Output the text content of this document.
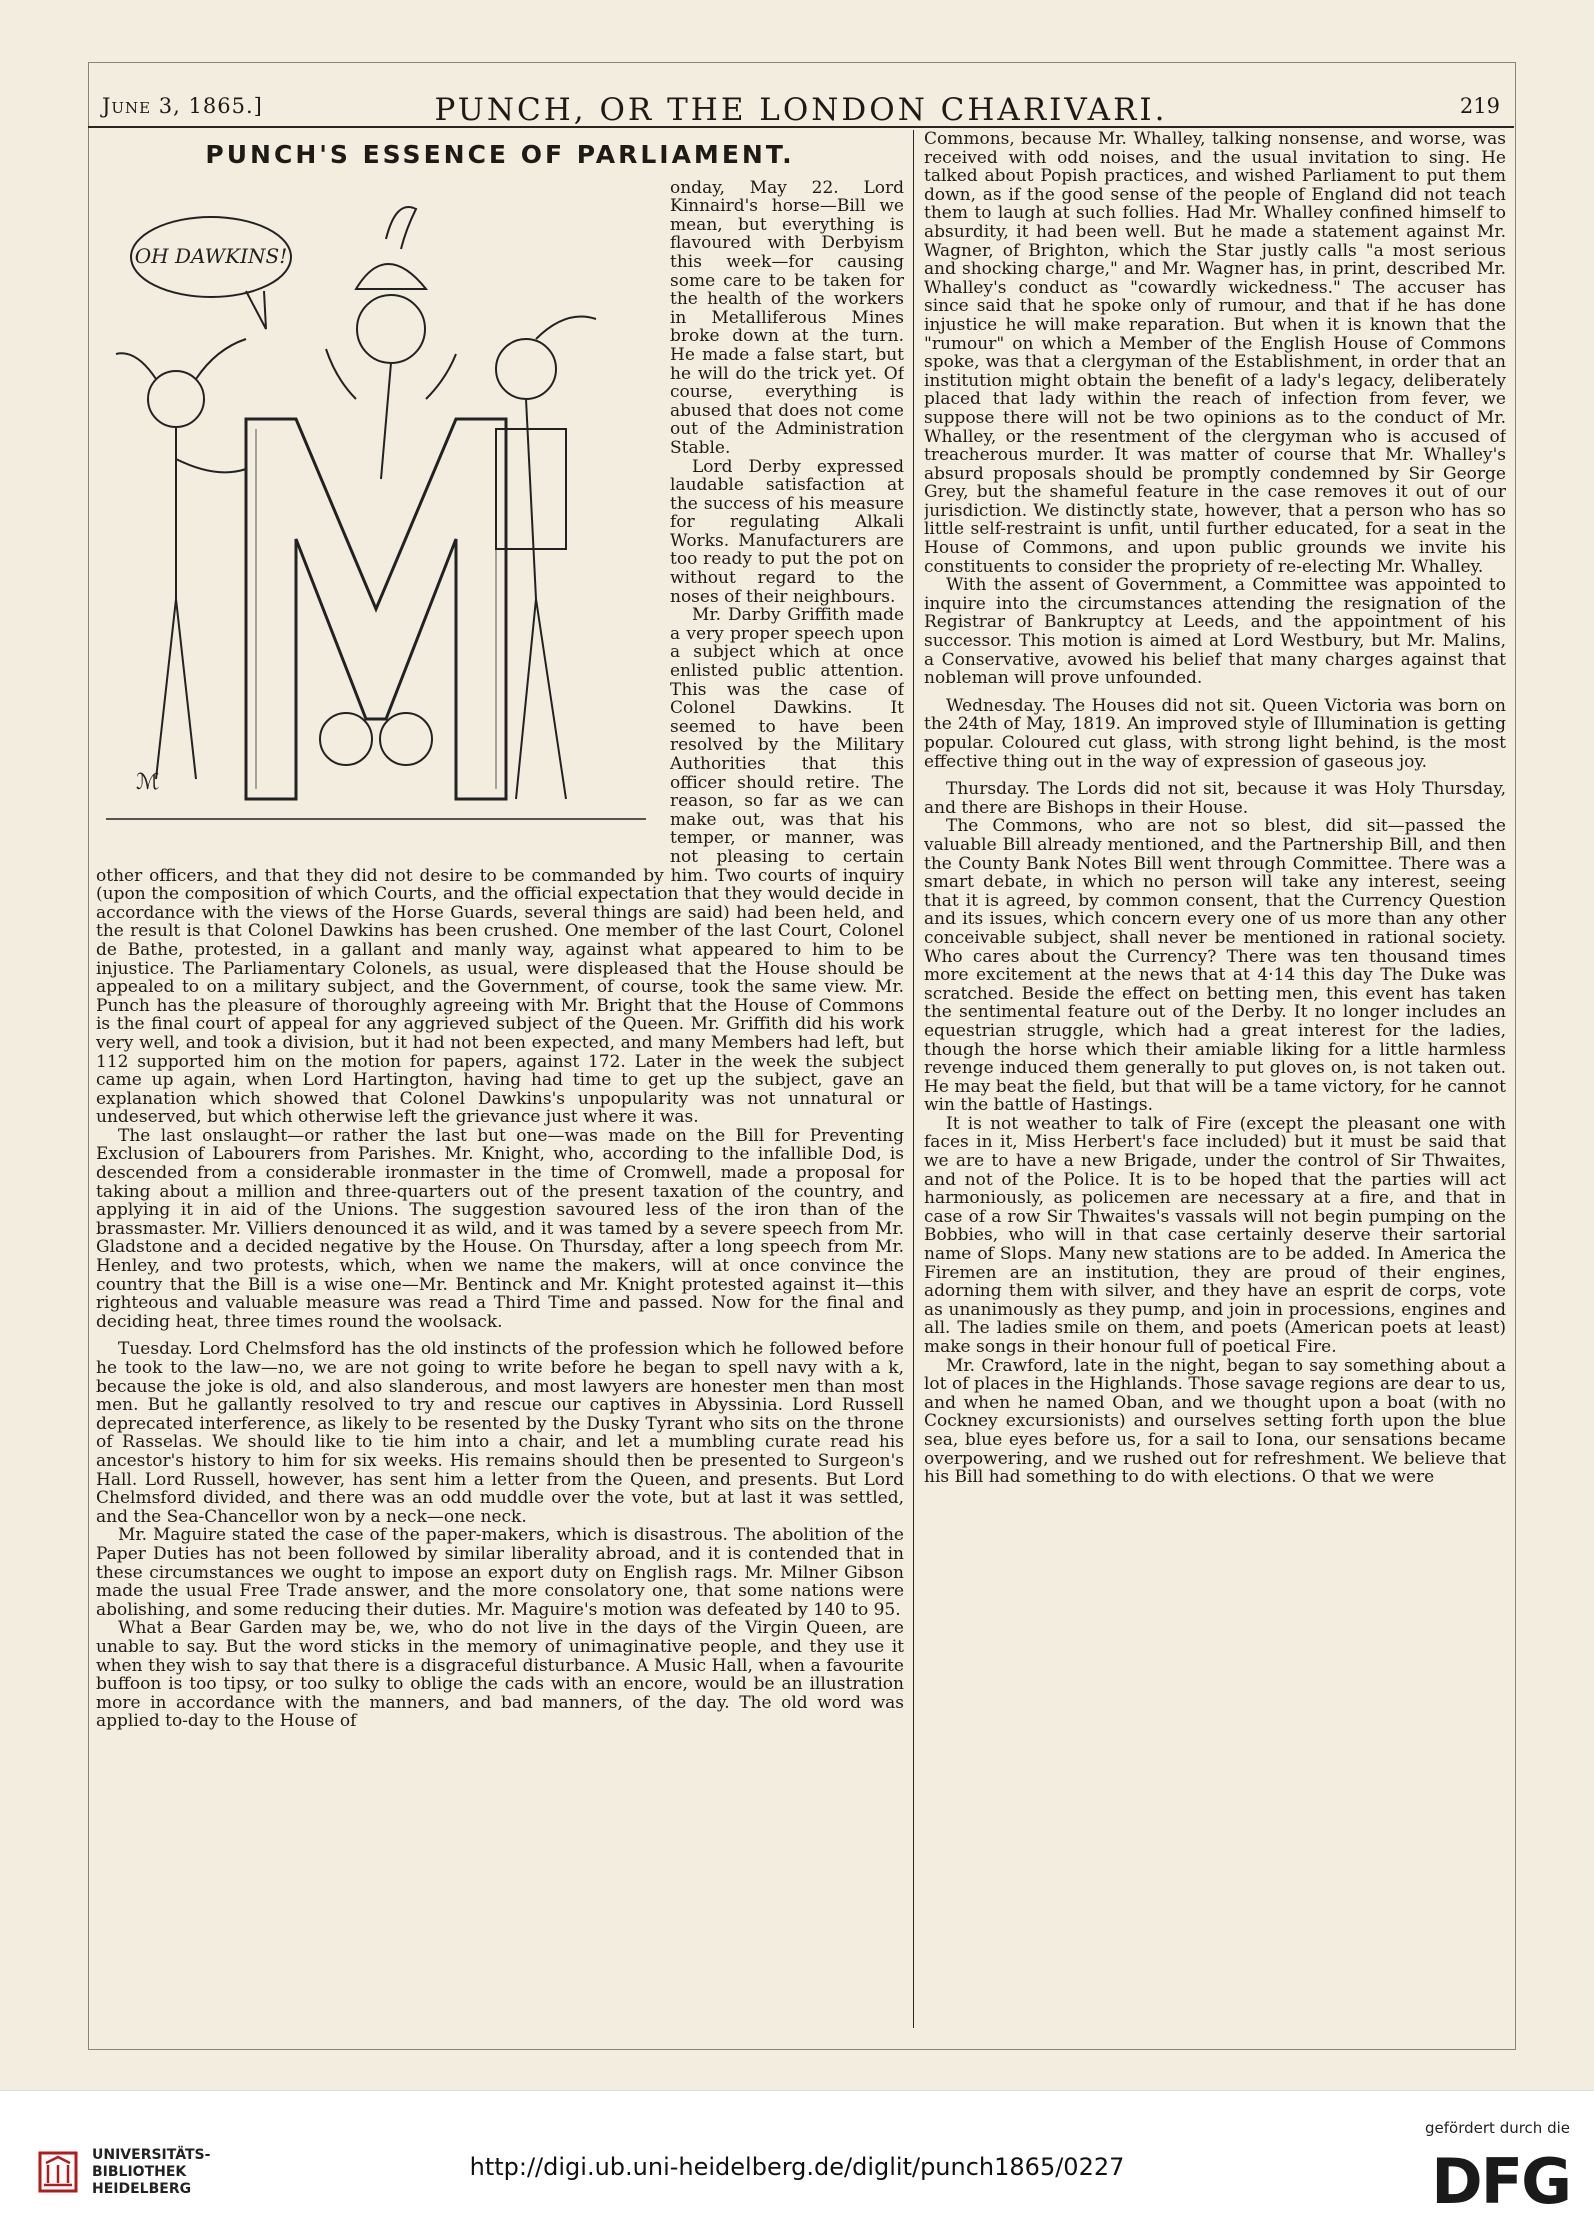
June 3, 1865.]	PUNCH, OR THE LONDON CHARIVARI.	219
PUNCH'S ESSENCE OF PARLIAMENT.
OH DAWKINS!
ℳ

onday, May 22. Lord Kinnaird's horse—Bill we mean, but everything is flavoured with Derbyism this week—for causing some care to be taken for the health of the workers in Metalliferous Mines broke down at the turn. He made a false start, but he will do the trick yet. Of course, everything is abused that does not come out of the Administration Stable.

Lord Derby expressed laudable satisfaction at the success of his measure for regulating Alkali Works. Manufacturers are too ready to put the pot on without regard to the noses of their neighbours.

Mr. Darby Griffith made a very proper speech upon a subject which at once enlisted public attention. This was the case of Colonel Dawkins. It seemed to have been resolved by the Military Authorities that this officer should retire. The reason, so far as we can make out, was that his temper, or manner, was not pleasing to certain other officers, and that they did not desire to be commanded by him. Two courts of inquiry (upon the composition of which Courts, and the official expectation that they would decide in accordance with the views of the Horse Guards, several things are said) had been held, and the result is that Colonel Dawkins has been crushed. One member of the last Court, Colonel de Bathe, protested, in a gallant and manly way, against what appeared to him to be injustice. The Parliamentary Colonels, as usual, were displeased that the House should be appealed to on a military subject, and the Government, of course, took the same view. Mr. Punch has the pleasure of thoroughly agreeing with Mr. Bright that the House of Commons is the final court of appeal for any aggrieved subject of the Queen. Mr. Griffith did his work very well, and took a division, but it had not been expected, and many Members had left, but 112 supported him on the motion for papers, against 172. Later in the week the subject came up again, when Lord Hartington, having had time to get up the subject, gave an explanation which showed that Colonel Dawkins's unpopularity was not unnatural or undeserved, but which otherwise left the grievance just where it was.

The last onslaught—or rather the last but one—was made on the Bill for Preventing Exclusion of Labourers from Parishes. Mr. Knight, who, according to the infallible Dod, is descended from a considerable ironmaster in the time of Cromwell, made a proposal for taking about a million and three-quarters out of the present taxation of the country, and applying it in aid of the Unions. The suggestion savoured less of the iron than of the brassmaster. Mr. Villiers denounced it as wild, and it was tamed by a severe speech from Mr. Gladstone and a decided negative by the House. On Thursday, after a long speech from Mr. Henley, and two protests, which, when we name the makers, will at once convince the country that the Bill is a wise one—Mr. Bentinck and Mr. Knight protested against it—this righteous and valuable measure was read a Third Time and passed. Now for the final and deciding heat, three times round the woolsack.

Tuesday. Lord Chelmsford has the old instincts of the profession which he followed before he took to the law—no, we are not going to write before he began to spell navy with a k, because the joke is old, and also slanderous, and most lawyers are honester men than most men. But he gallantly resolved to try and rescue our captives in Abyssinia. Lord Russell deprecated interference, as likely to be resented by the Dusky Tyrant who sits on the throne of Rasselas. We should like to tie him into a chair, and let a mumbling curate read his ancestor's history to him for six weeks. His remains should then be presented to Surgeon's Hall. Lord Russell, however, has sent him a letter from the Queen, and presents. But Lord Chelmsford divided, and there was an odd muddle over the vote, but at last it was settled, and the Sea-Chancellor won by a neck—one neck.

Mr. Maguire stated the case of the paper-makers, which is disastrous. The abolition of the Paper Duties has not been followed by similar liberality abroad, and it is contended that in these circumstances we ought to impose an export duty on English rags. Mr. Milner Gibson made the usual Free Trade answer, and the more consolatory one, that some nations were abolishing, and some reducing their duties. Mr. Maguire's motion was defeated by 140 to 95.

What a Bear Garden may be, we, who do not live in the days of the Virgin Queen, are unable to say. But the word sticks in the memory of unimaginative people, and they use it when they wish to say that there is a disgraceful disturbance. A Music Hall, when a favourite buffoon is too tipsy, or too sulky to oblige the cads with an encore, would be an illustration more in accordance with the manners, and bad manners, of the day. The old word was applied to-day to the House of

Commons, because Mr. Whalley, talking nonsense, and worse, was received with odd noises, and the usual invitation to sing. He talked about Popish practices, and wished Parliament to put them down, as if the good sense of the people of England did not teach them to laugh at such follies. Had Mr. Whalley confined himself to absurdity, it had been well. But he made a statement against Mr. Wagner, of Brighton, which the Star justly calls "a most serious and shocking charge," and Mr. Wagner has, in print, described Mr. Whalley's conduct as "cowardly wickedness." The accuser has since said that he spoke only of rumour, and that if he has done injustice he will make reparation. But when it is known that the "rumour" on which a Member of the English House of Commons spoke, was that a clergyman of the Establishment, in order that an institution might obtain the benefit of a lady's legacy, deliberately placed that lady within the reach of infection from fever, we suppose there will not be two opinions as to the conduct of Mr. Whalley, or the resentment of the clergyman who is accused of treacherous murder. It was matter of course that Mr. Whalley's absurd proposals should be promptly condemned by Sir George Grey, but the shameful feature in the case removes it out of our jurisdiction. We distinctly state, however, that a person who has so little self-restraint is unfit, until further educated, for a seat in the House of Commons, and upon public grounds we invite his constituents to consider the propriety of re-electing Mr. Whalley.

With the assent of Government, a Committee was appointed to inquire into the circumstances attending the resignation of the Registrar of Bankruptcy at Leeds, and the appointment of his successor. This motion is aimed at Lord Westbury, but Mr. Malins, a Conservative, avowed his belief that many charges against that nobleman will prove unfounded.

Wednesday. The Houses did not sit. Queen Victoria was born on the 24th of May, 1819. An improved style of Illumination is getting popular. Coloured cut glass, with strong light behind, is the most effective thing out in the way of expression of gaseous joy.

Thursday. The Lords did not sit, because it was Holy Thursday, and there are Bishops in their House.

The Commons, who are not so blest, did sit—passed the valuable Bill already mentioned, and the Partnership Bill, and then the County Bank Notes Bill went through Committee. There was a smart debate, in which no person will take any interest, seeing that it is agreed, by common consent, that the Currency Question and its issues, which concern every one of us more than any other conceivable subject, shall never be mentioned in rational society. Who cares about the Currency? There was ten thousand times more excitement at the news that at 4·14 this day The Duke was scratched. Beside the effect on betting men, this event has taken the sentimental feature out of the Derby. It no longer includes an equestrian struggle, which had a great interest for the ladies, though the horse which their amiable liking for a little harmless revenge induced them generally to put gloves on, is not taken out. He may beat the field, but that will be a tame victory, for he cannot win the battle of Hastings.

It is not weather to talk of Fire (except the pleasant one with faces in it, Miss Herbert's face included) but it must be said that we are to have a new Brigade, under the control of Sir Thwaites, and not of the Police. It is to be hoped that the parties will act harmoniously, as policemen are necessary at a fire, and that in case of a row Sir Thwaites's vassals will not begin pumping on the Bobbies, who will in that case certainly deserve their sartorial name of Slops. Many new stations are to be added. In America the Firemen are an institution, they are proud of their engines, adorning them with silver, and they have an esprit de corps, vote as unanimously as they pump, and join in processions, engines and all. The ladies smile on them, and poets (American poets at least) make songs in their honour full of poetical Fire.

Mr. Crawford, late in the night, began to say something about a lot of places in the Highlands. Those savage regions are dear to us, and when he named Oban, and we thought upon a boat (with no Cockney excursionists) and ourselves setting forth upon the blue sea, blue eyes before us, for a sail to Iona, our sensations became overpowering, and we rushed out for refreshment. We believe that his Bill had something to do with elections. O that we were

UNIVERSITÄTS-
BIBLIOTHEK
HEIDELBERG
http://digi.ub.uni-heidelberg.de/diglit/punch1865/0227
gefördert durch die
DFG
